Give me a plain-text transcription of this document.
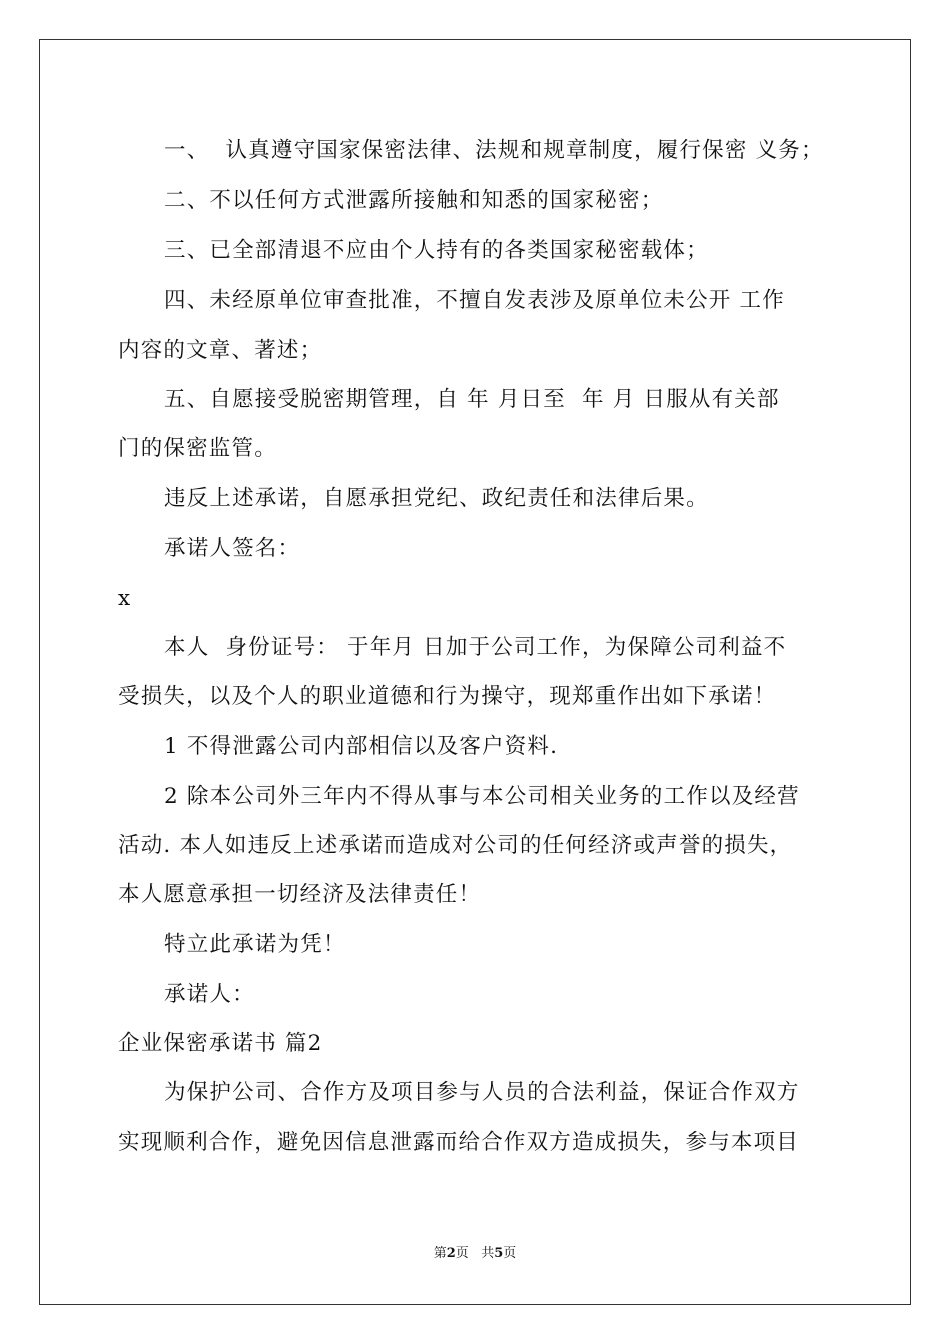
一、  认真遵守国家保密法律、法规和规章制度，履行保密 义务；
二、不以任何方式泄露所接触和知悉的国家秘密；
三、已全部清退不应由个人持有的各类国家秘密载体；
四、未经原单位审查批准，不擅自发表涉及原单位未公开 工作
内容的文章、著述；
五、自愿接受脱密期管理，自 年 月日至  年 月 日服从有关部
门的保密监管。
违反上述承诺，自愿承担党纪、政纪责任和法律后果。
承诺人签名：
x
本人  身份证号： 于年月 日加于公司工作，为保障公司利益不
受损失，以及个人的职业道德和行为操守，现郑重作出如下承诺！
1 不得泄露公司内部相信以及客户资料.
2 除本公司外三年内不得从事与本公司相关业务的工作以及经营
活动. 本人如违反上述承诺而造成对公司的任何经济或声誉的损失，
本人愿意承担一切经济及法律责任！
特立此承诺为凭！
承诺人：
企业保密承诺书 篇2
为保护公司、合作方及项目参与人员的合法利益，保证合作双方
实现顺利合作，避免因信息泄露而给合作双方造成损失，参与本项目
第2页   共5页
